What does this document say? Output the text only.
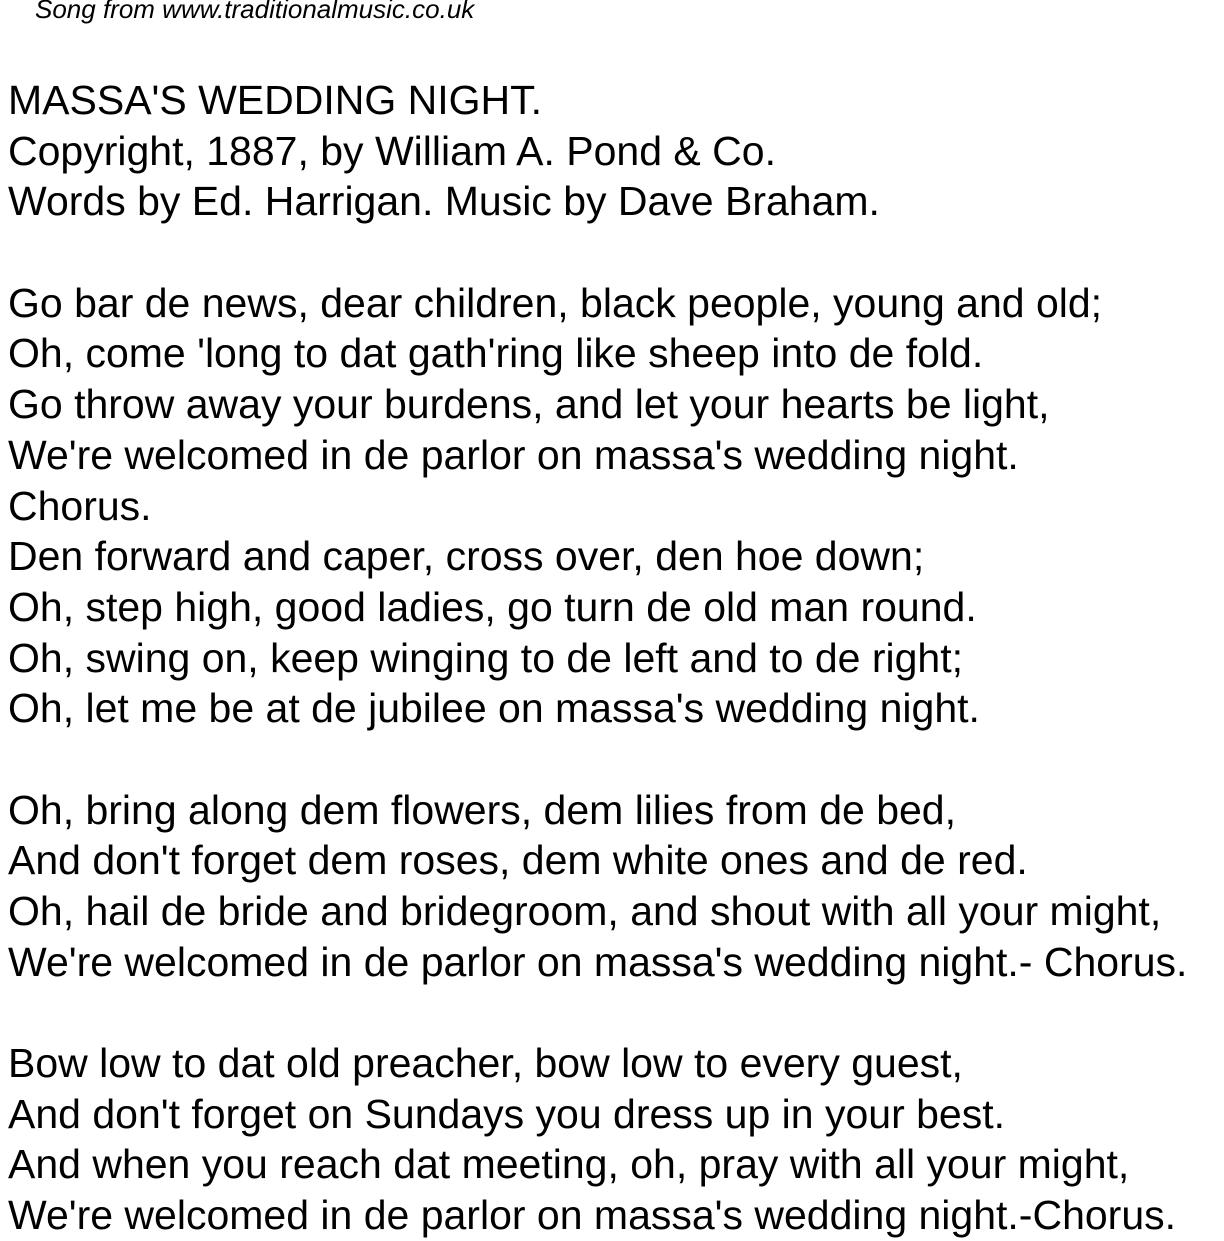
Song from www.traditionalmusic.co.uk
MASSA'S WEDDING NIGHT.
Copyright, 1887, by William A. Pond & Co.
Words by Ed. Harrigan. Music by Dave Braham.
Go bar de news, dear children, black people, young and old;
Oh, come 'long to dat gath'ring like sheep into de fold.
Go throw away your burdens, and let your hearts be light,
We're welcomed in de parlor on massa's wedding night.
Chorus.
Den forward and caper, cross over, den hoe down;
Oh, step high, good ladies, go turn de old man round.
Oh, swing on, keep winging to de left and to de right;
Oh, let me be at de jubilee on massa's wedding night.
Oh, bring along dem flowers, dem lilies from de bed,
And don't forget dem roses, dem white ones and de red.
Oh, hail de bride and bridegroom, and shout with all your might,
We're welcomed in de parlor on massa's wedding night.- Chorus.
Bow low to dat old preacher, bow low to every guest,
And don't forget on Sundays you dress up in your best.
And when you reach dat meeting, oh, pray with all your might,
We're welcomed in de parlor on massa's wedding night.-Chorus.
